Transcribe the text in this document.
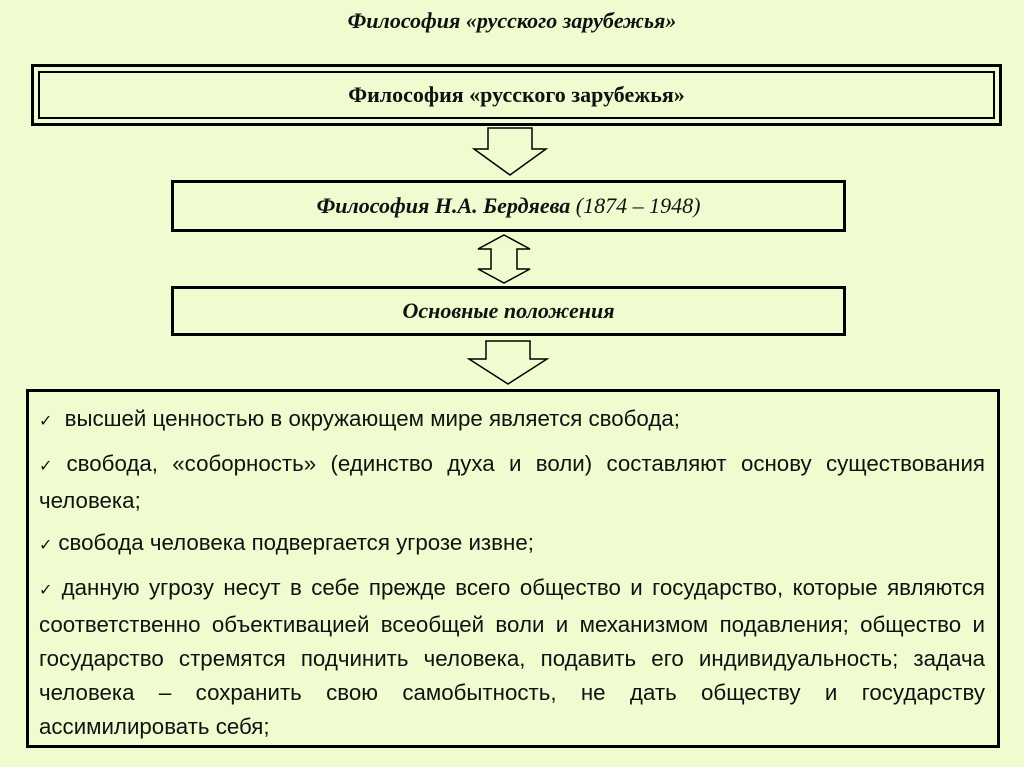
Философия «русского зарубежья»
Философия «русского зарубежья»
Философия Н.А. Бердяева
(1874 – 1948)
Основные положения
✓ высшей ценностью в окружающем мире является свобода;
✓ свобода, «соборность» (единство духа и воли) составляют основу существования человека;
✓ свобода человека подвергается угрозе извне;
✓ данную угрозу несут в себе прежде всего общество и государство, которые являются соответственно объективацией всеобщей воли и механизмом подавления; общество и государство стремятся подчинить человека, подавить его индивидуальность; задача человека – сохранить свою самобытность, не дать обществу и государству ассимилировать себя;
